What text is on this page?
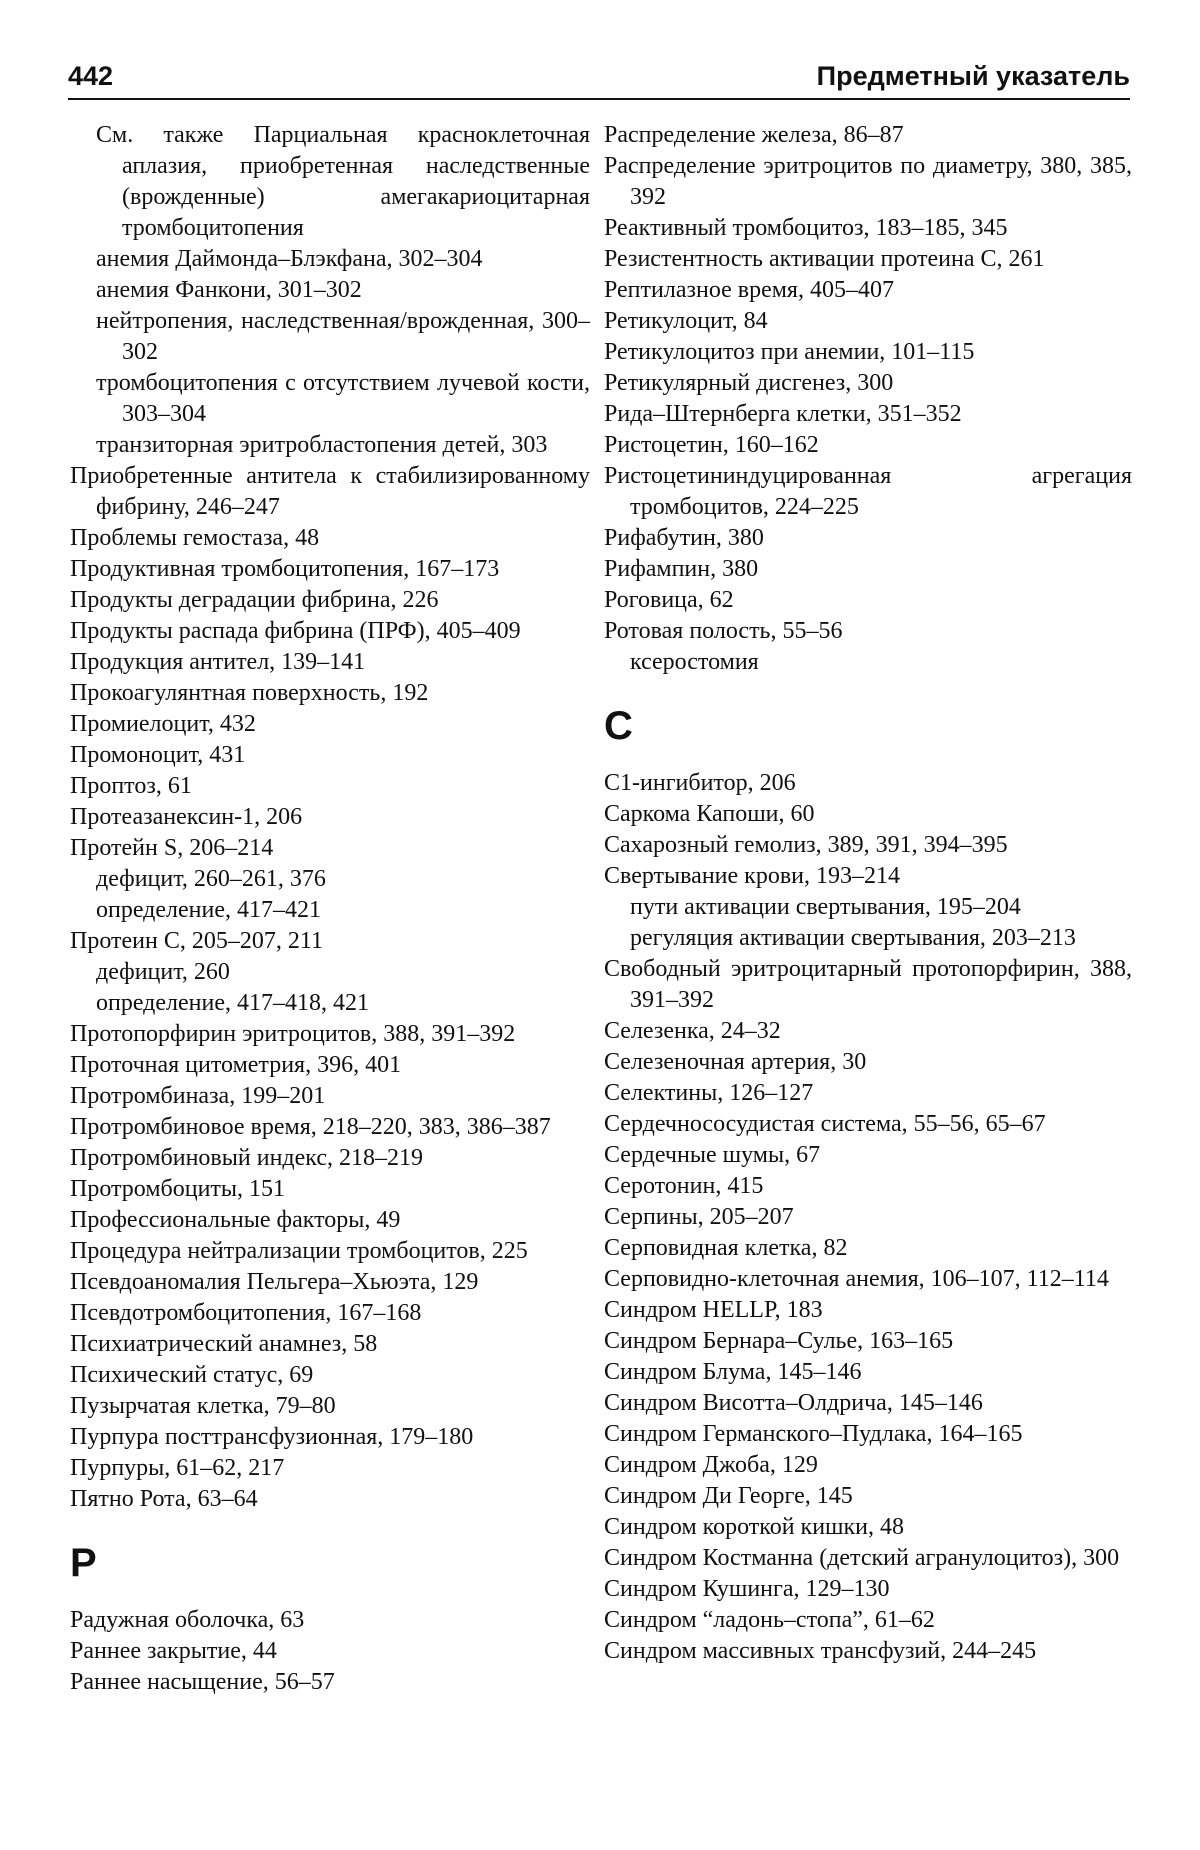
442	Предметный указатель

См. также Парциальная красноклеточная аплазия, приобретенная наследственные (врожденные) амегакариоцитарная тромбоцитопения

анемия Даймонда–Блэкфана, 302–304

анемия Фанкони, 301–302

нейтропения, наследственная/врожденная, 300–302

тромбоцитопения с отсутствием лучевой кости, 303–304

транзиторная эритробластопения детей, 303

Приобретенные антитела к стабилизированному фибрину, 246–247

Проблемы гемостаза, 48

Продуктивная тромбоцитопения, 167–173

Продукты деградации фибрина, 226

Продукты распада фибрина (ПРФ), 405–409

Продукция антител, 139–141

Прокоагулянтная поверхность, 192

Промиелоцит, 432

Промоноцит, 431

Проптоз, 61

Протеазанексин-1, 206

Протейн S, 206–214

дефицит, 260–261, 376

определение, 417–421

Протеин С, 205–207, 211

дефицит, 260

определение, 417–418, 421

Протопорфирин эритроцитов, 388, 391–392

Проточная цитометрия, 396, 401

Протромбиназа, 199–201

Протромбиновое время, 218–220, 383, 386–387

Протромбиновый индекс, 218–219

Протромбоциты, 151

Профессиональные факторы, 49

Процедура нейтрализации тромбоцитов, 225

Псевдоаномалия Пельгера–Хьюэта, 129

Псевдотромбоцитопения, 167–168

Психиатрический анамнез, 58

Психический статус, 69

Пузырчатая клетка, 79–80

Пурпура посттрансфузионная, 179–180

Пурпуры, 61–62, 217

Пятно Рота, 63–64

Р

Радужная оболочка, 63

Раннее закрытие, 44

Раннее насыщение, 56–57

Распределение железа, 86–87

Распределение эритроцитов по диаметру, 380, 385, 392

Реактивный тромбоцитоз, 183–185, 345

Резистентность активации протеина С, 261

Рептилазное время, 405–407

Ретикулоцит, 84

Ретикулоцитоз при анемии, 101–115

Ретикулярный дисгенез, 300

Рида–Штернберга клетки, 351–352

Ристоцетин, 160–162

Ристоцетининдуцированная агрегация тромбоцитов, 224–225

Рифабутин, 380

Рифампин, 380

Роговица, 62

Ротовая полость, 55–56

ксеростомия

С

С1-ингибитор, 206

Саркома Капоши, 60

Сахарозный гемолиз, 389, 391, 394–395

Свертывание крови, 193–214

пути активации свертывания, 195–204

регуляция активации свертывания, 203–213

Свободный эритроцитарный протопорфирин, 388, 391–392

Селезенка, 24–32

Селезеночная артерия, 30

Селектины, 126–127

Сердечнососудистая система, 55–56, 65–67

Сердечные шумы, 67

Серотонин, 415

Серпины, 205–207

Серповидная клетка, 82

Серповидно-клеточная анемия, 106–107, 112–114

Синдром HELLP, 183

Синдром Бернара–Сулье, 163–165

Синдром Блума, 145–146

Синдром Висотта–Олдрича, 145–146

Синдром Германского–Пудлака, 164–165

Синдром Джоба, 129

Синдром Ди Георге, 145

Синдром короткой кишки, 48

Синдром Костманна (детский агранулоцитоз), 300

Синдром Кушинга, 129–130

Синдром “ладонь–стопа”, 61–62

Синдром массивных трансфузий, 244–245
